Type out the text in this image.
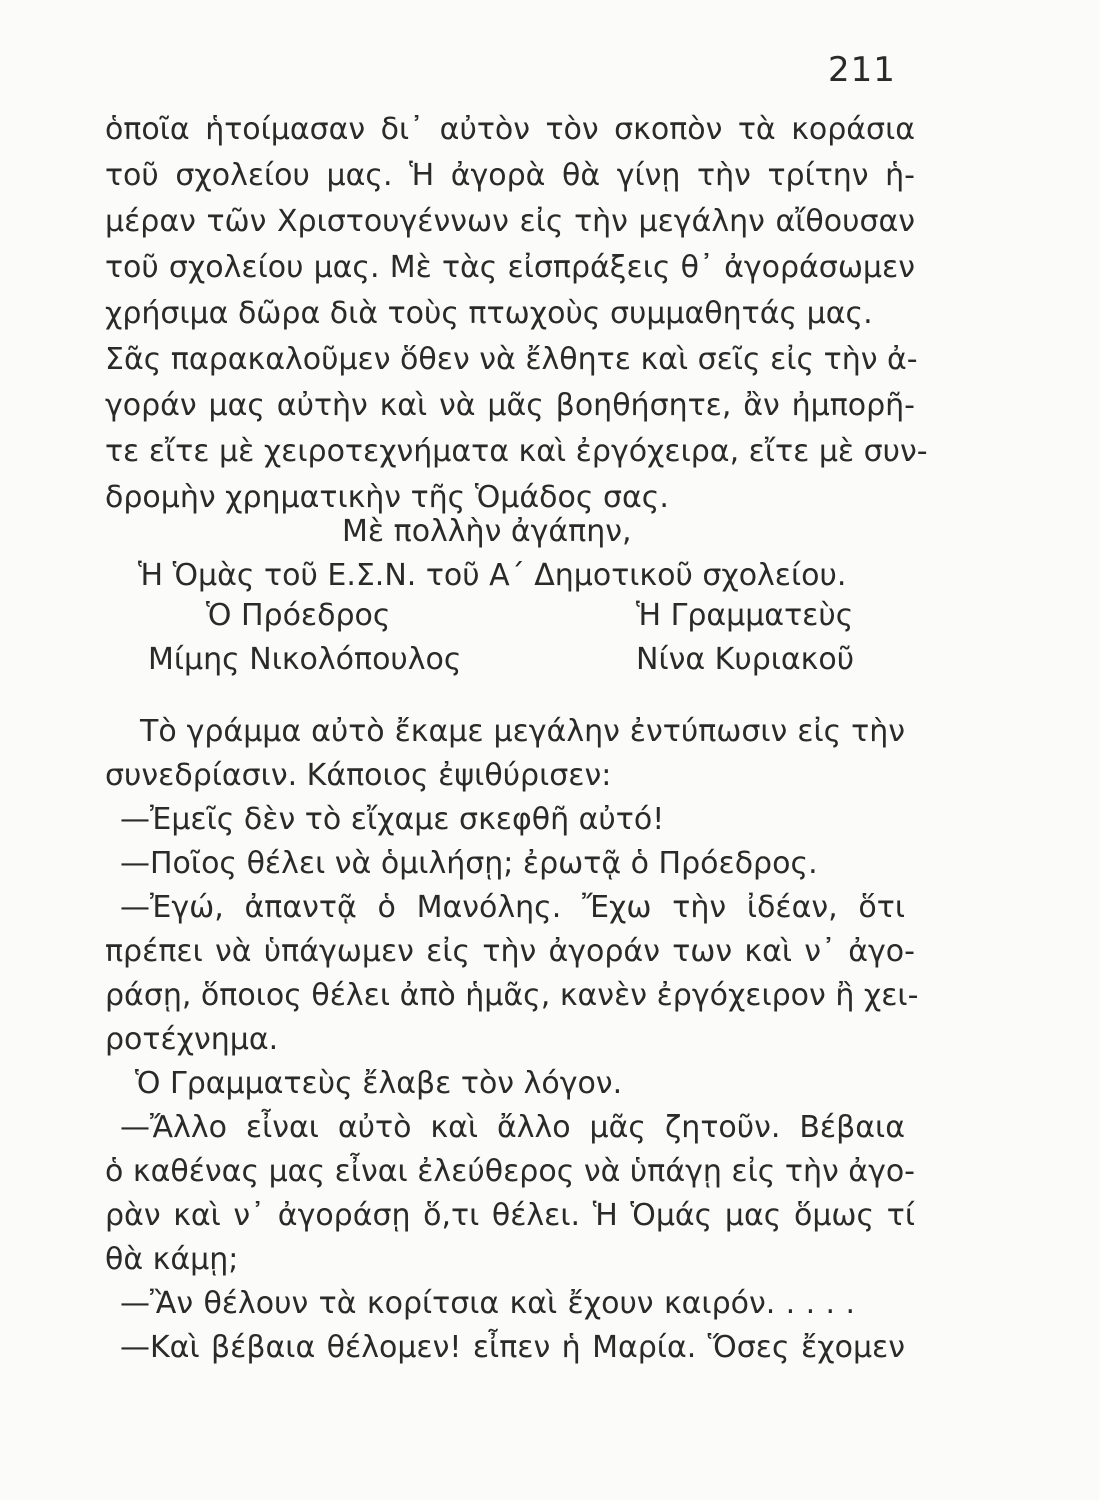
211
ὁποῖα ἡτοίμασαν δι᾽ αὐτὸν τὸν σκοπὸν τὰ κοράσια
τοῦ σχολείου μας. Ἡ ἀγορὰ θὰ γίνῃ τὴν τρίτην ἡ-
μέραν τῶν Χριστουγέννων εἰς τὴν μεγάλην αἴθουσαν
τοῦ σχολείου μας. Μὲ τὰς εἰσπράξεις θ᾽ ἀγοράσωμεν
χρήσιμα δῶρα διὰ τοὺς πτωχοὺς συμμαθητάς μας.
Σᾶς παρακαλοῦμεν ὅθεν νὰ ἔλθητε καὶ σεῖς εἰς τὴν ἀ-
γοράν μας αὐτὴν καὶ νὰ μᾶς βοηθήσητε, ἂν ἠμπορῆ-
τε εἴτε μὲ χειροτεχνήματα καὶ ἐργόχειρα, εἴτε μὲ συν-
δρομὴν χρηματικὴν τῆς Ὁμάδος σας.
Μὲ πολλὴν ἀγάπην,
Ἡ Ὁμὰς τοῦ Ε.Σ.Ν. τοῦ Α΄ Δημοτικοῦ σχολείου.
Ὁ Πρόεδρος	Ἡ Γραμματεὺς
Μίμης Νικολόπουλος	Νίνα Κυριακοῦ
Τὸ γράμμα αὐτὸ ἔκαμε μεγάλην ἐντύπωσιν εἰς τὴν
συνεδρίασιν. Κάποιος ἐψιθύρισεν:
—Ἐμεῖς δὲν τὸ εἴχαμε σκεφθῆ αὐτό!
—Ποῖος θέλει νὰ ὁμιλήσῃ; ἐρωτᾷ ὁ Πρόεδρος.
—Ἐγώ, ἀπαντᾷ ὁ Μανόλης. Ἔχω τὴν ἰδέαν, ὅτι
πρέπει νὰ ὑπάγωμεν εἰς τὴν ἀγοράν των καὶ ν᾽ ἀγο-
ράσῃ, ὅποιος θέλει ἀπὸ ἡμᾶς, κανὲν ἐργόχειρον ἢ χει-
ροτέχνημα.
Ὁ Γραμματεὺς ἔλαβε τὸν λόγον.
—Ἄλλο εἶναι αὐτὸ καὶ ἄλλο μᾶς ζητοῦν. Βέβαια
ὁ καθένας μας εἶναι ἐλεύθερος νὰ ὑπάγῃ εἰς τὴν ἀγο-
ρὰν καὶ ν᾽ ἀγοράσῃ ὅ,τι θέλει. Ἡ Ὁμάς μας ὅμως τί
θὰ κάμῃ;
—Ἂν θέλουν τὰ κορίτσια καὶ ἔχουν καιρόν. . . . .
—Καὶ βέβαια θέλομεν! εἶπεν ἡ Μαρία. Ὅσες ἔχομεν
